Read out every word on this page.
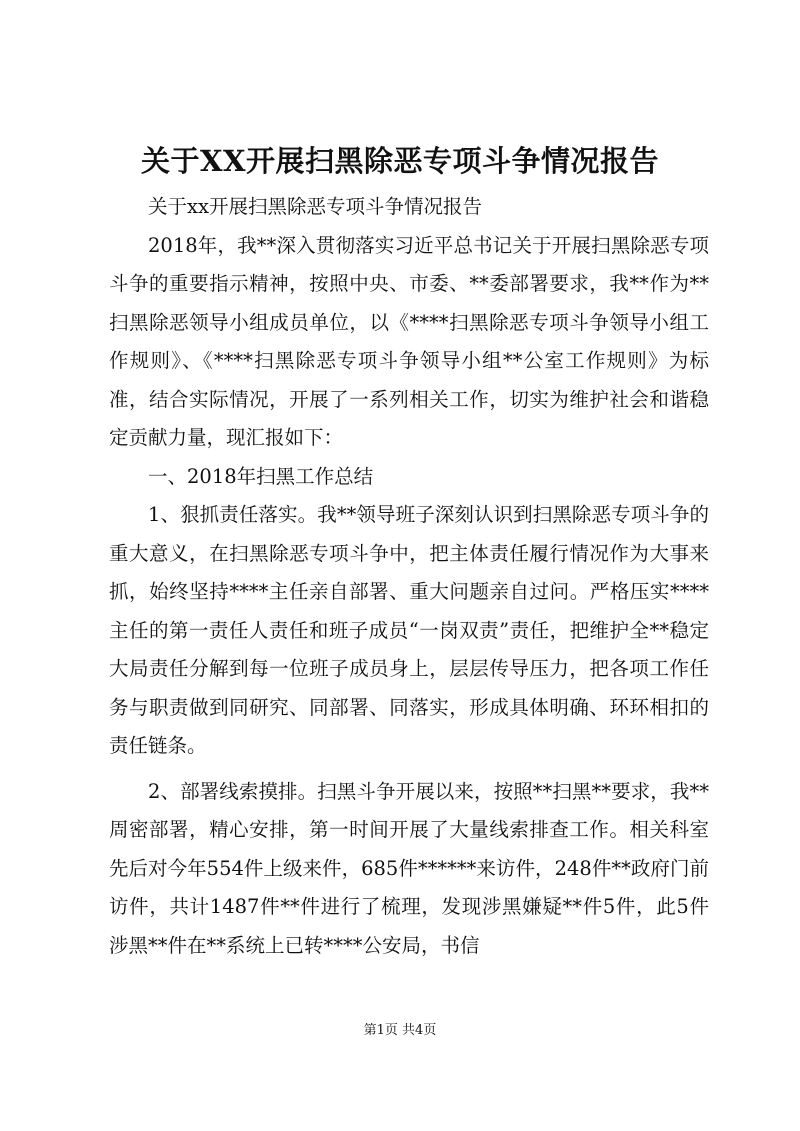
关于XX开展扫黑除恶专项斗争情况报告

关于xx开展扫黑除恶专项斗争情况报告

2018年，我**深入贯彻落实习近平总书记关于开展扫黑除恶专项斗争的重要指示精神，按照中央、市委、**委部署要求，我**作为**扫黑除恶领导小组成员单位，以《****扫黑除恶专项斗争领导小组工作规则》、《****扫黑除恶专项斗争领导小组**公室工作规则》为标准，结合实际情况，开展了一系列相关工作，切实为维护社会和谐稳定贡献力量，现汇报如下：

一、2018年扫黑工作总结

1、狠抓责任落实。我**领导班子深刻认识到扫黑除恶专项斗争的重大意义，在扫黑除恶专项斗争中，把主体责任履行情况作为大事来抓，始终坚持****主任亲自部署、重大问题亲自过问。严格压实****主任的第一责任人责任和班子成员“一岗双责”责任，把维护全**稳定大局责任分解到每一位班子成员身上，层层传导压力，把各项工作任务与职责做到同研究、同部署、同落实，形成具体明确、环环相扣的责任链条。

2、部署线索摸排。扫黑斗争开展以来，按照**扫黑**要求，我**周密部署，精心安排，第一时间开展了大量线索排查工作。相关科室先后对今年554件上级来件，685件******来访件，248件**政府门前访件，共计1487件**件进行了梳理，发现涉黑嫌疑**件5件，此5件涉黑**件在**系统上已转****公安局，书信

第1页 共4页
